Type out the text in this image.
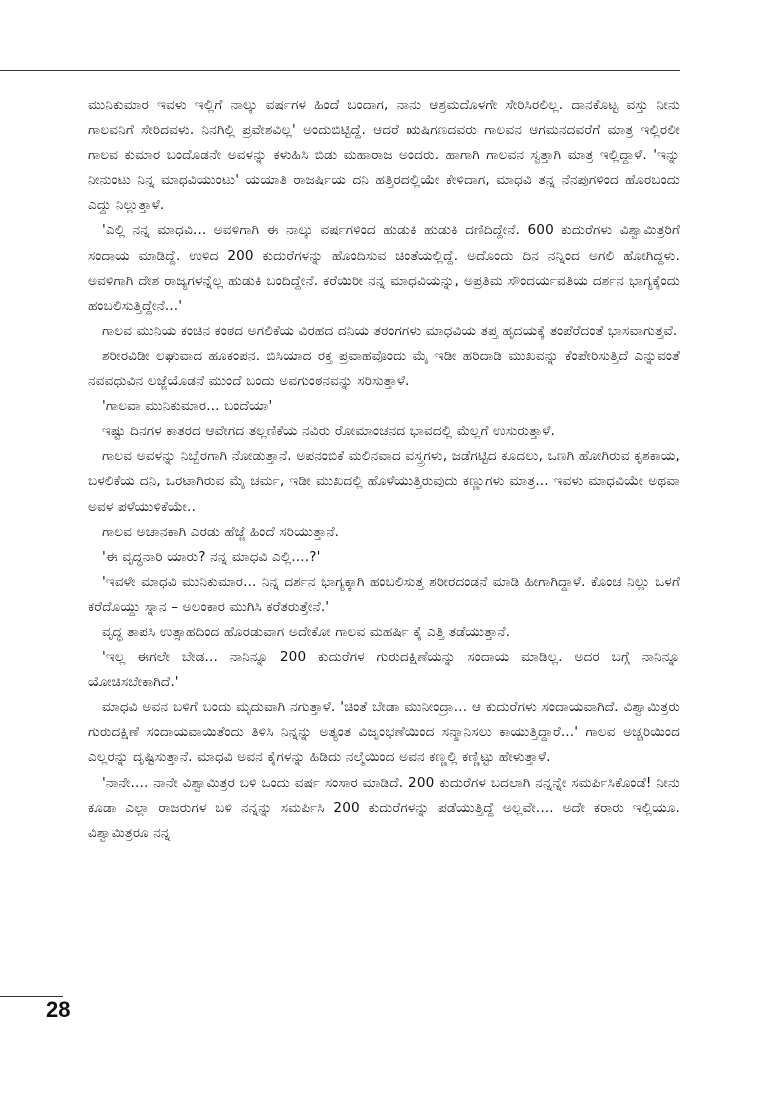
ಮುನಿಕುಮಾರ ಇವಳು ಇಲ್ಲಿಗೆ ನಾಲ್ಕು ವರ್ಷಗಳ ಹಿಂದೆ ಬಂದಾಗ, ನಾನು ಆಶ್ರಮದೊಳಗೇ ಸೇರಿಸಿರಲಿಲ್ಲ. ದಾನಕೊಟ್ಟ ವಸ್ತು ನೀನು ಗಾಲವನಿಗೆ ಸೇರಿದವಳು. ನಿನಗಿಲ್ಲಿ ಪ್ರವೇಶವಿಲ್ಲ' ಅಂದುಬಿಟ್ಟಿದ್ದೆ. ಆದರೆ ಋಷಿಗಣದವರು ಗಾಲವನ ಆಗಮನದವರೆಗೆ ಮಾತ್ರ ಇಲ್ಲಿರಲೀ ಗಾಲವ ಕುಮಾರ ಬಂದೊಡನೇ ಅವಳನ್ನು ಕಳುಹಿಸಿ ಬಿಡು ಮಹಾರಾಜ ಅಂದರು. ಹಾಗಾಗಿ ಗಾಲವನ ಸ್ವತ್ತಾಗಿ ಮಾತ್ರ ಇಲ್ಲಿದ್ದಾಳೆ. 'ಇನ್ನು ನೀನುಂಟು ನಿನ್ನ ಮಾಧವಿಯುಂಟು' ಯಯಾತಿ ರಾಜರ್ಷಿಯ ದನಿ ಹತ್ತಿರದಲ್ಲಿಯೇ ಕೇಳಿದಾಗ, ಮಾಧವಿ ತನ್ನ ನೆನಪುಗಳಿಂದ ಹೊರಬಂದು ಎದ್ದು ನಿಲ್ಲುತ್ತಾಳೆ.

'ಎಲ್ಲಿ ನನ್ನ ಮಾಧವಿ... ಅವಳಿಗಾಗಿ ಈ ನಾಲ್ಕು ವರ್ಷಗಳಿಂದ ಹುಡುಕಿ ಹುಡುಕಿ ದಣಿದಿದ್ದೇನೆ. 600 ಕುದುರೆಗಳು ವಿಶ್ವಾಮಿತ್ರರಿಗೆ ಸಂದಾಯ ಮಾಡಿದ್ದೆ. ಉಳಿದ 200 ಕುದುರೆಗಳನ್ನು ಹೊಂದಿಸುವ ಚಿಂತೆಯಲ್ಲಿದ್ದೆ. ಅದೊಂದು ದಿನ ನನ್ನಿಂದ ಅಗಲಿ ಹೋಗಿದ್ದಳು. ಅವಳಿಗಾಗಿ ದೇಶ ರಾಜ್ಯಗಳನ್ನೆಲ್ಲ ಹುಡುಕಿ ಬಂದಿದ್ದೇನೆ. ಕರೆಯಿರೀ ನನ್ನ ಮಾಧವಿಯನ್ನು, ಅಪ್ರತಿಮ ಸೌಂದರ್ಯವತಿಯ ದರ್ಶನ ಭಾಗ್ಯಕ್ಕೆಂದು ಹಂಬಲಿಸುತ್ತಿದ್ದೇನೆ...'

ಗಾಲವ ಮುನಿಯ ಕಂಚಿನ ಕಂಠದ ಅಗಲಿಕೆಯ ವಿರಹದ ದನಿಯ ತರಂಗಗಳು ಮಾಧವಿಯ ತಪ್ತ ಹೃದಯಕ್ಕೆ ತಂಪೆರೆದಂತೆ ಭಾಸವಾಗುತ್ತವೆ.

ಶರೀರವಿಡೀ ಲಘುವಾದ ಹೂಕಂಪನ. ಬಿಸಿಯಾದ ರಕ್ತ ಪ್ರವಾಹವೊಂದು ಮೈ ಇಡೀ ಹರಿದಾಡಿ ಮುಖವನ್ನು ಕೆಂಪೇರಿಸುತ್ತಿದೆ ಎನ್ನುವಂತೆ ನವವಧುವಿನ ಲಜ್ಜೆಯೊಡನೆ ಮುಂದೆ ಬಂದು ಅವಗುಂಠನವನ್ನು ಸರಿಸುತ್ತಾಳೆ.

'ಗಾಲವಾ ಮುನಿಕುಮಾರ... ಬಂದೆಯಾ'

ಇಷ್ಟು ದಿನಗಳ ಕಾತರದ ಆವೇಗದ ತಲ್ಲಣಿಕೆಯ ನವಿರು ರೋಮಾಂಚನದ ಭಾವದಲ್ಲಿ ಮೆಲ್ಲಗೆ ಉಸುರುತ್ತಾಳೆ.

ಗಾಲವ ಅವಳನ್ನು ನಿಬ್ಬೆರಗಾಗಿ ನೋಡುತ್ತಾನೆ. ಅಪನಂಬಿಕೆ ಮಲಿನವಾದ ವಸ್ತ್ರಗಳು, ಜಡೆಗಟ್ಟಿದ ಕೂದಲು, ಒಣಗಿ ಹೋಗಿರುವ ಕೃಶಕಾಯ, ಬಳಲಿಕೆಯ ದನಿ, ಒರಟಾಗಿರುವ ಮೈ ಚರ್ಮ, ಇಡೀ ಮುಖದಲ್ಲಿ ಹೊಳೆಯುತ್ತಿರುವುದು ಕಣ್ಣುಗಳು ಮಾತ್ರ... ಇವಳು ಮಾಧವಿಯೇ ಅಥವಾ ಅವಳ ಪಳೆಯುಳಿಕೆಯೇ..

ಗಾಲವ ಅಚಾನಕಾಗಿ ಎರಡು ಹೆಜ್ಜೆ ಹಿಂದೆ ಸರಿಯುತ್ತಾನೆ.

'ಈ ವೃದ್ಧನಾರಿ ಯಾರು? ನನ್ನ ಮಾಧವಿ ಎಲ್ಲಿ....?'

'ಇವಳೇ ಮಾಧವಿ ಮುನಿಕುಮಾರ... ನಿನ್ನ ದರ್ಶನ ಭಾಗ್ಯಕ್ಕಾಗಿ ಹಂಬಲಿಸುತ್ತ ಶರೀರದಂಡನೆ ಮಾಡಿ ಹೀಗಾಗಿದ್ದಾಳೆ. ಕೊಂಚ ನಿಲ್ಲು ಒಳಗೆ ಕರೆದೊಯ್ದು ಸ್ನಾನ – ಅಲಂಕಾರ ಮುಗಿಸಿ ಕರೆತರುತ್ತೇನೆ.'

ವೃದ್ಧ ತಾಪಸಿ ಉತ್ಸಾಹದಿಂದ ಹೊರಡುವಾಗ ಅದೇಕೋ ಗಾಲವ ಮಹರ್ಷಿ ಕೈ ಎತ್ತಿ ತಡೆಯುತ್ತಾನೆ.

'ಇಲ್ಲ ಈಗಲೇ ಬೇಡ... ನಾನಿನ್ನೂ 200 ಕುದುರೆಗಳ ಗುರುದಕ್ಷಿಣೆಯನ್ನು ಸಂದಾಯ ಮಾಡಿಲ್ಲ. ಅದರ ಬಗ್ಗೆ ನಾನಿನ್ನೂ ಯೋಚಿಸಬೇಕಾಗಿದೆ.'

ಮಾಧವಿ ಅವನ ಬಳಿಗೆ ಬಂದು ಮೃದುವಾಗಿ ನಗುತ್ತಾಳೆ. 'ಚಿಂತೆ ಬೇಡಾ ಮುನೀಂದ್ರಾ... ಆ ಕುದುರೆಗಳು ಸಂದಾಯವಾಗಿದೆ. ವಿಶ್ವಾಮಿತ್ರರು ಗುರುದಕ್ಷಿಣೆ ಸಂದಾಯವಾಯಿತೆಂದು ತಿಳಿಸಿ ನಿನ್ನನ್ನು ಅತ್ಯಂತ ವಿಜೃಂಭಣೆಯಿಂದ ಸನ್ಮಾನಿಸಲು ಕಾಯುತ್ತಿದ್ದಾರೆ...' ಗಾಲವ ಅಚ್ಚರಿಯಿಂದ ಎಲ್ಲರನ್ನು ದೃಷ್ಟಿಸುತ್ತಾನೆ. ಮಾಧವಿ ಅವನ ಕೈಗಳನ್ನು ಹಿಡಿದು ನಲ್ಮೆಯಿಂದ ಅವನ ಕಣ್ಣಲ್ಲಿ ಕಣ್ಣಿಟ್ಟು ಹೇಳುತ್ತಾಳೆ.

'ನಾನೇ.... ನಾನೇ ವಿಶ್ವಾಮಿತ್ರರ ಬಳಿ ಒಂದು ವರ್ಷ ಸಂಸಾರ ಮಾಡಿದೆ. 200 ಕುದುರೆಗಳ ಬದಲಾಗಿ ನನ್ನನ್ನೇ ಸಮರ್ಪಿಸಿಕೊಂಡೆ! ನೀನು ಕೂಡಾ ಎಲ್ಲಾ ರಾಜರುಗಳ ಬಳಿ ನನ್ನನ್ನು ಸಮರ್ಪಿಸಿ 200 ಕುದುರೆಗಳನ್ನು ಪಡೆಯುತ್ತಿದ್ದೆ ಅಲ್ಲವೇ.... ಅದೇ ಕರಾರು ಇಲ್ಲಿಯೂ. ವಿಶ್ವಾಮಿತ್ರರೂ ನನ್ನ

28
